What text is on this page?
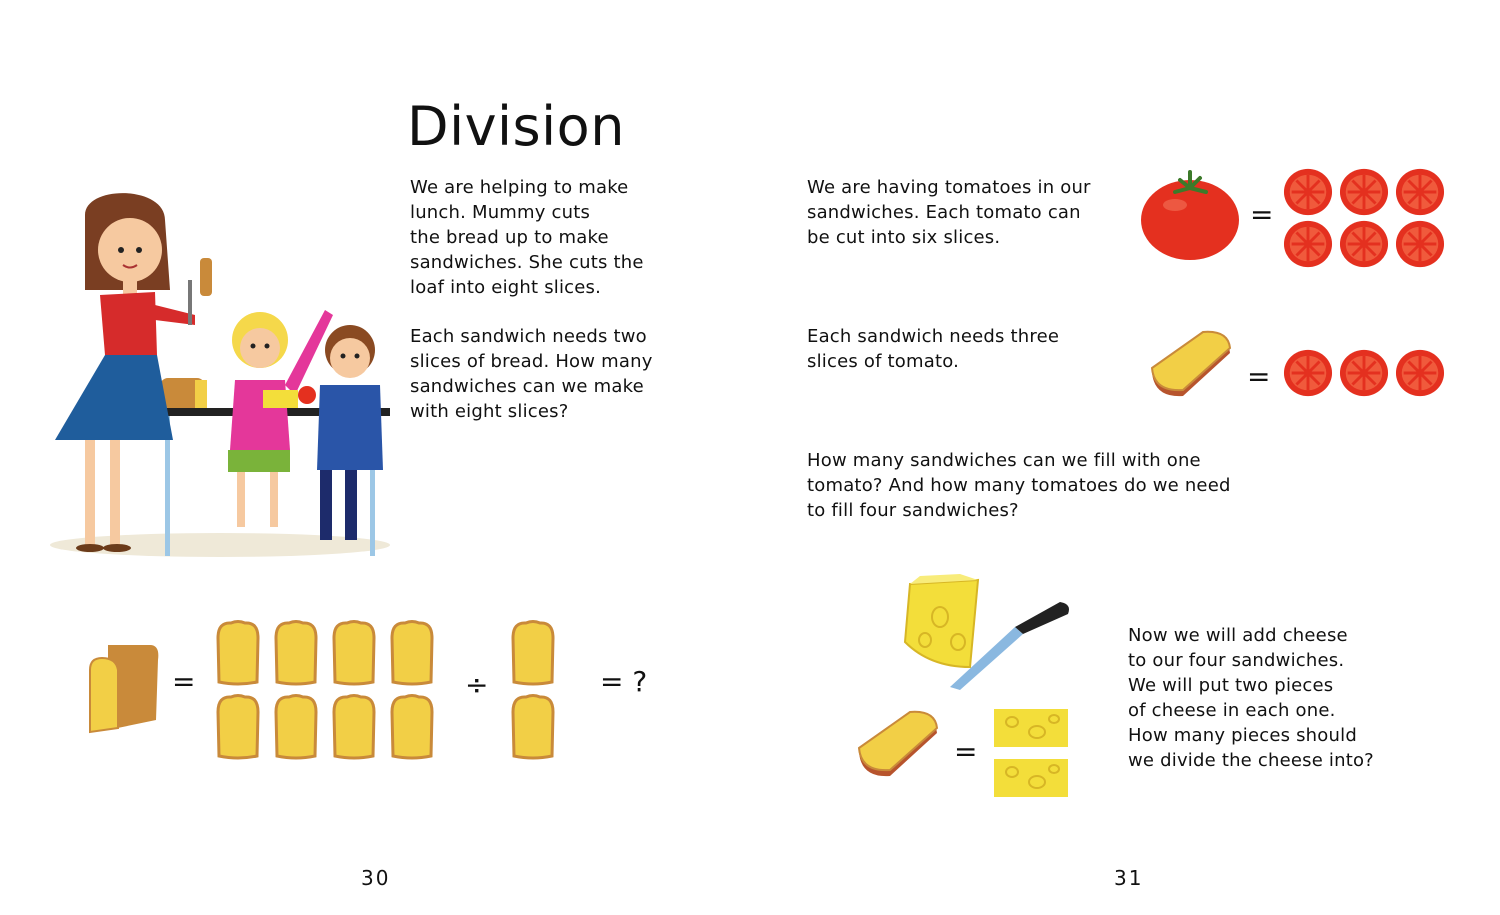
Division

We are helping to make

lunch. Mummy cuts

the bread up to make

sandwiches. She cuts the

loaf into eight slices.

Each sandwich needs two

slices of bread. How many

sandwiches can we make

with eight slices?

=	÷	= ?
30

We are having tomatoes in our

sandwiches. Each tomato can

be cut into six slices.

Each sandwich needs three

slices of tomato.

How many sandwiches can we fill with one

tomato? And how many tomatoes do we need

to fill four sandwiches?

Now we will add cheese

to our four sandwiches.

We will put two pieces

of cheese in each one.

How many pieces should

we divide the cheese into?

=
=
=
31
